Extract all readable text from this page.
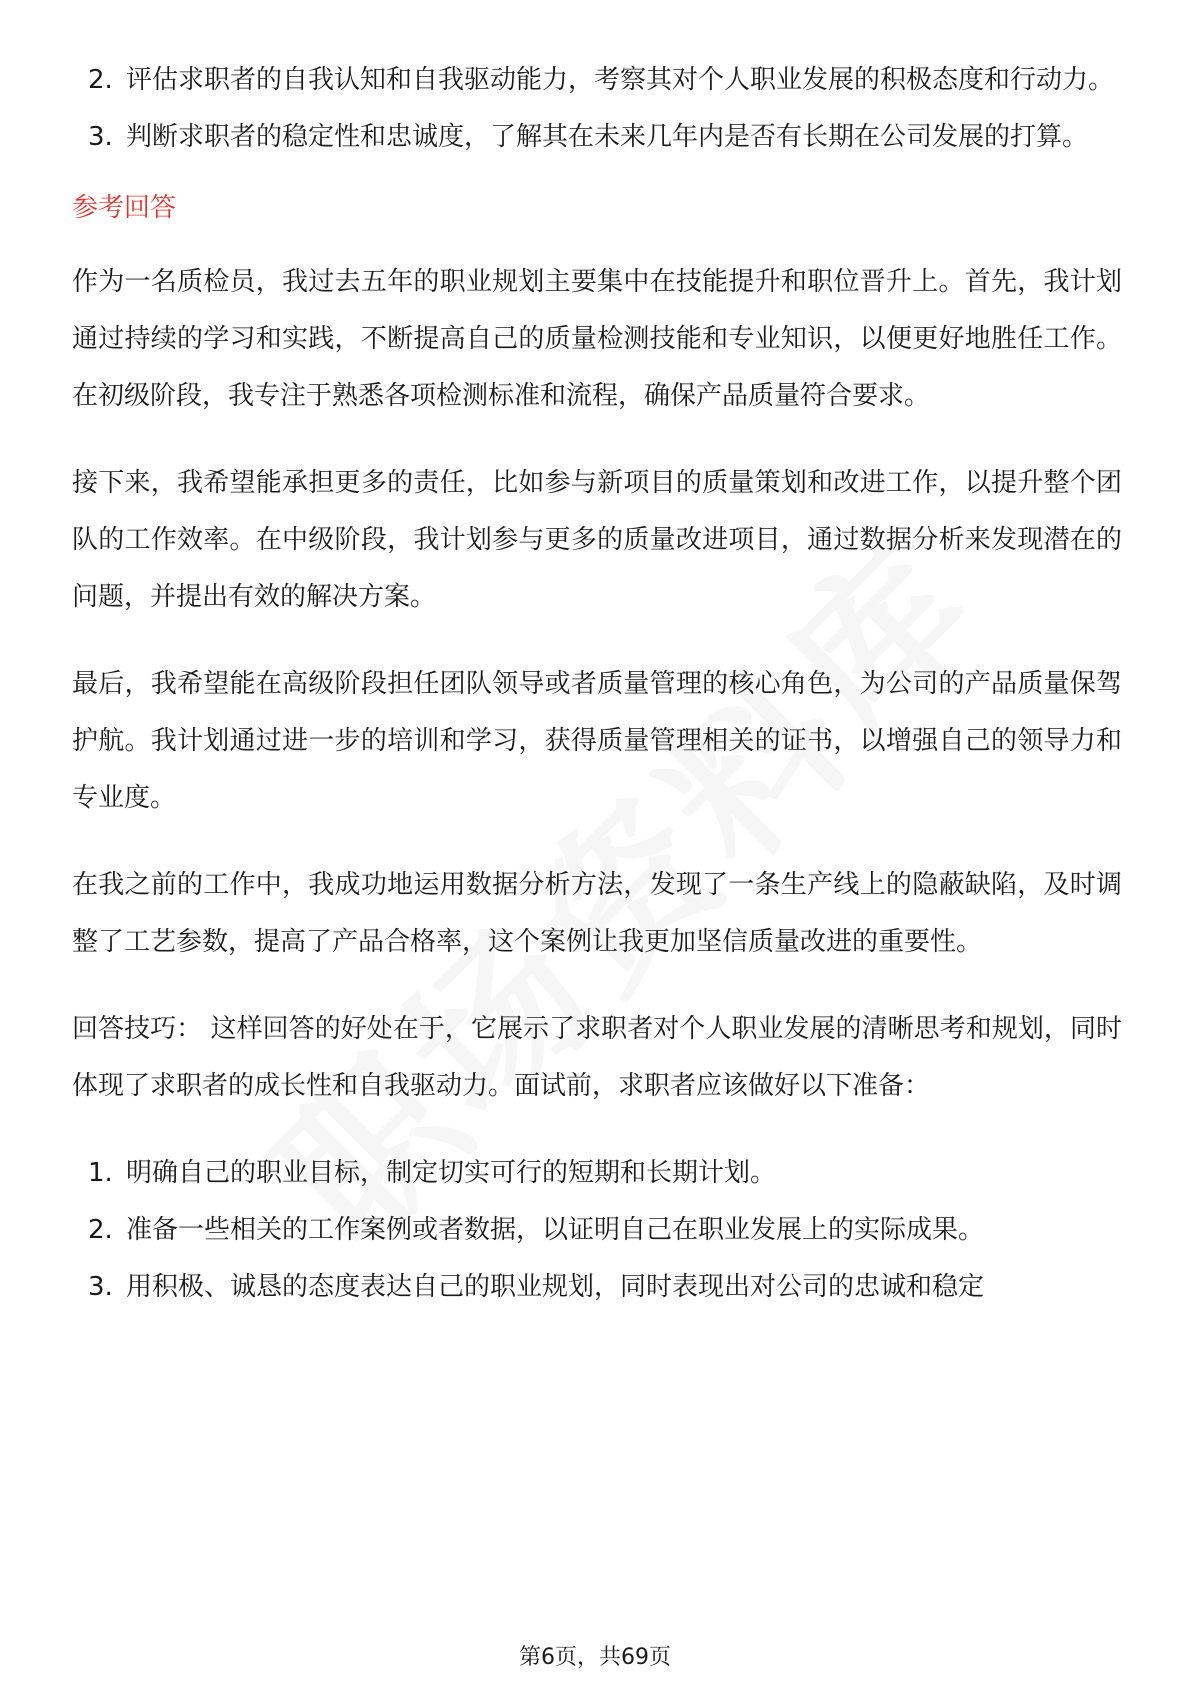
2. 评估求职者的自我认知和自我驱动能力，考察其对个人职业发展的积极态度和行动力。
3. 判断求职者的稳定性和忠诚度，了解其在未来几年内是否有长期在公司发展的打算。
参考回答

作为一名质检员，我过去五年的职业规划主要集中在技能提升和职位晋升上。首先，我计划通过持续的学习和实践，不断提高自己的质量检测技能和专业知识，以便更好地胜任工作。在初级阶段，我专注于熟悉各项检测标准和流程，确保产品质量符合要求。

接下来，我希望能承担更多的责任，比如参与新项目的质量策划和改进工作，以提升整个团队的工作效率。在中级阶段，我计划参与更多的质量改进项目，通过数据分析来发现潜在的问题，并提出有效的解决方案。

最后，我希望能在高级阶段担任团队领导或者质量管理的核心角色，为公司的产品质量保驾护航。我计划通过进一步的培训和学习，获得质量管理相关的证书，以增强自己的领导力和专业度。

在我之前的工作中，我成功地运用数据分析方法，发现了一条生产线上的隐蔽缺陷，及时调整了工艺参数，提高了产品合格率，这个案例让我更加坚信质量改进的重要性。

回答技巧： 这样回答的好处在于，它展示了求职者对个人职业发展的清晰思考和规划，同时体现了求职者的成长性和自我驱动力。面试前，求职者应该做好以下准备：

1. 明确自己的职业目标，制定切实可行的短期和长期计划。
2. 准备一些相关的工作案例或者数据，以证明自己在职业发展上的实际成果。
3. 用积极、诚恳的态度表达自己的职业规划，同时表现出对公司的忠诚和稳定
第6页，共69页
